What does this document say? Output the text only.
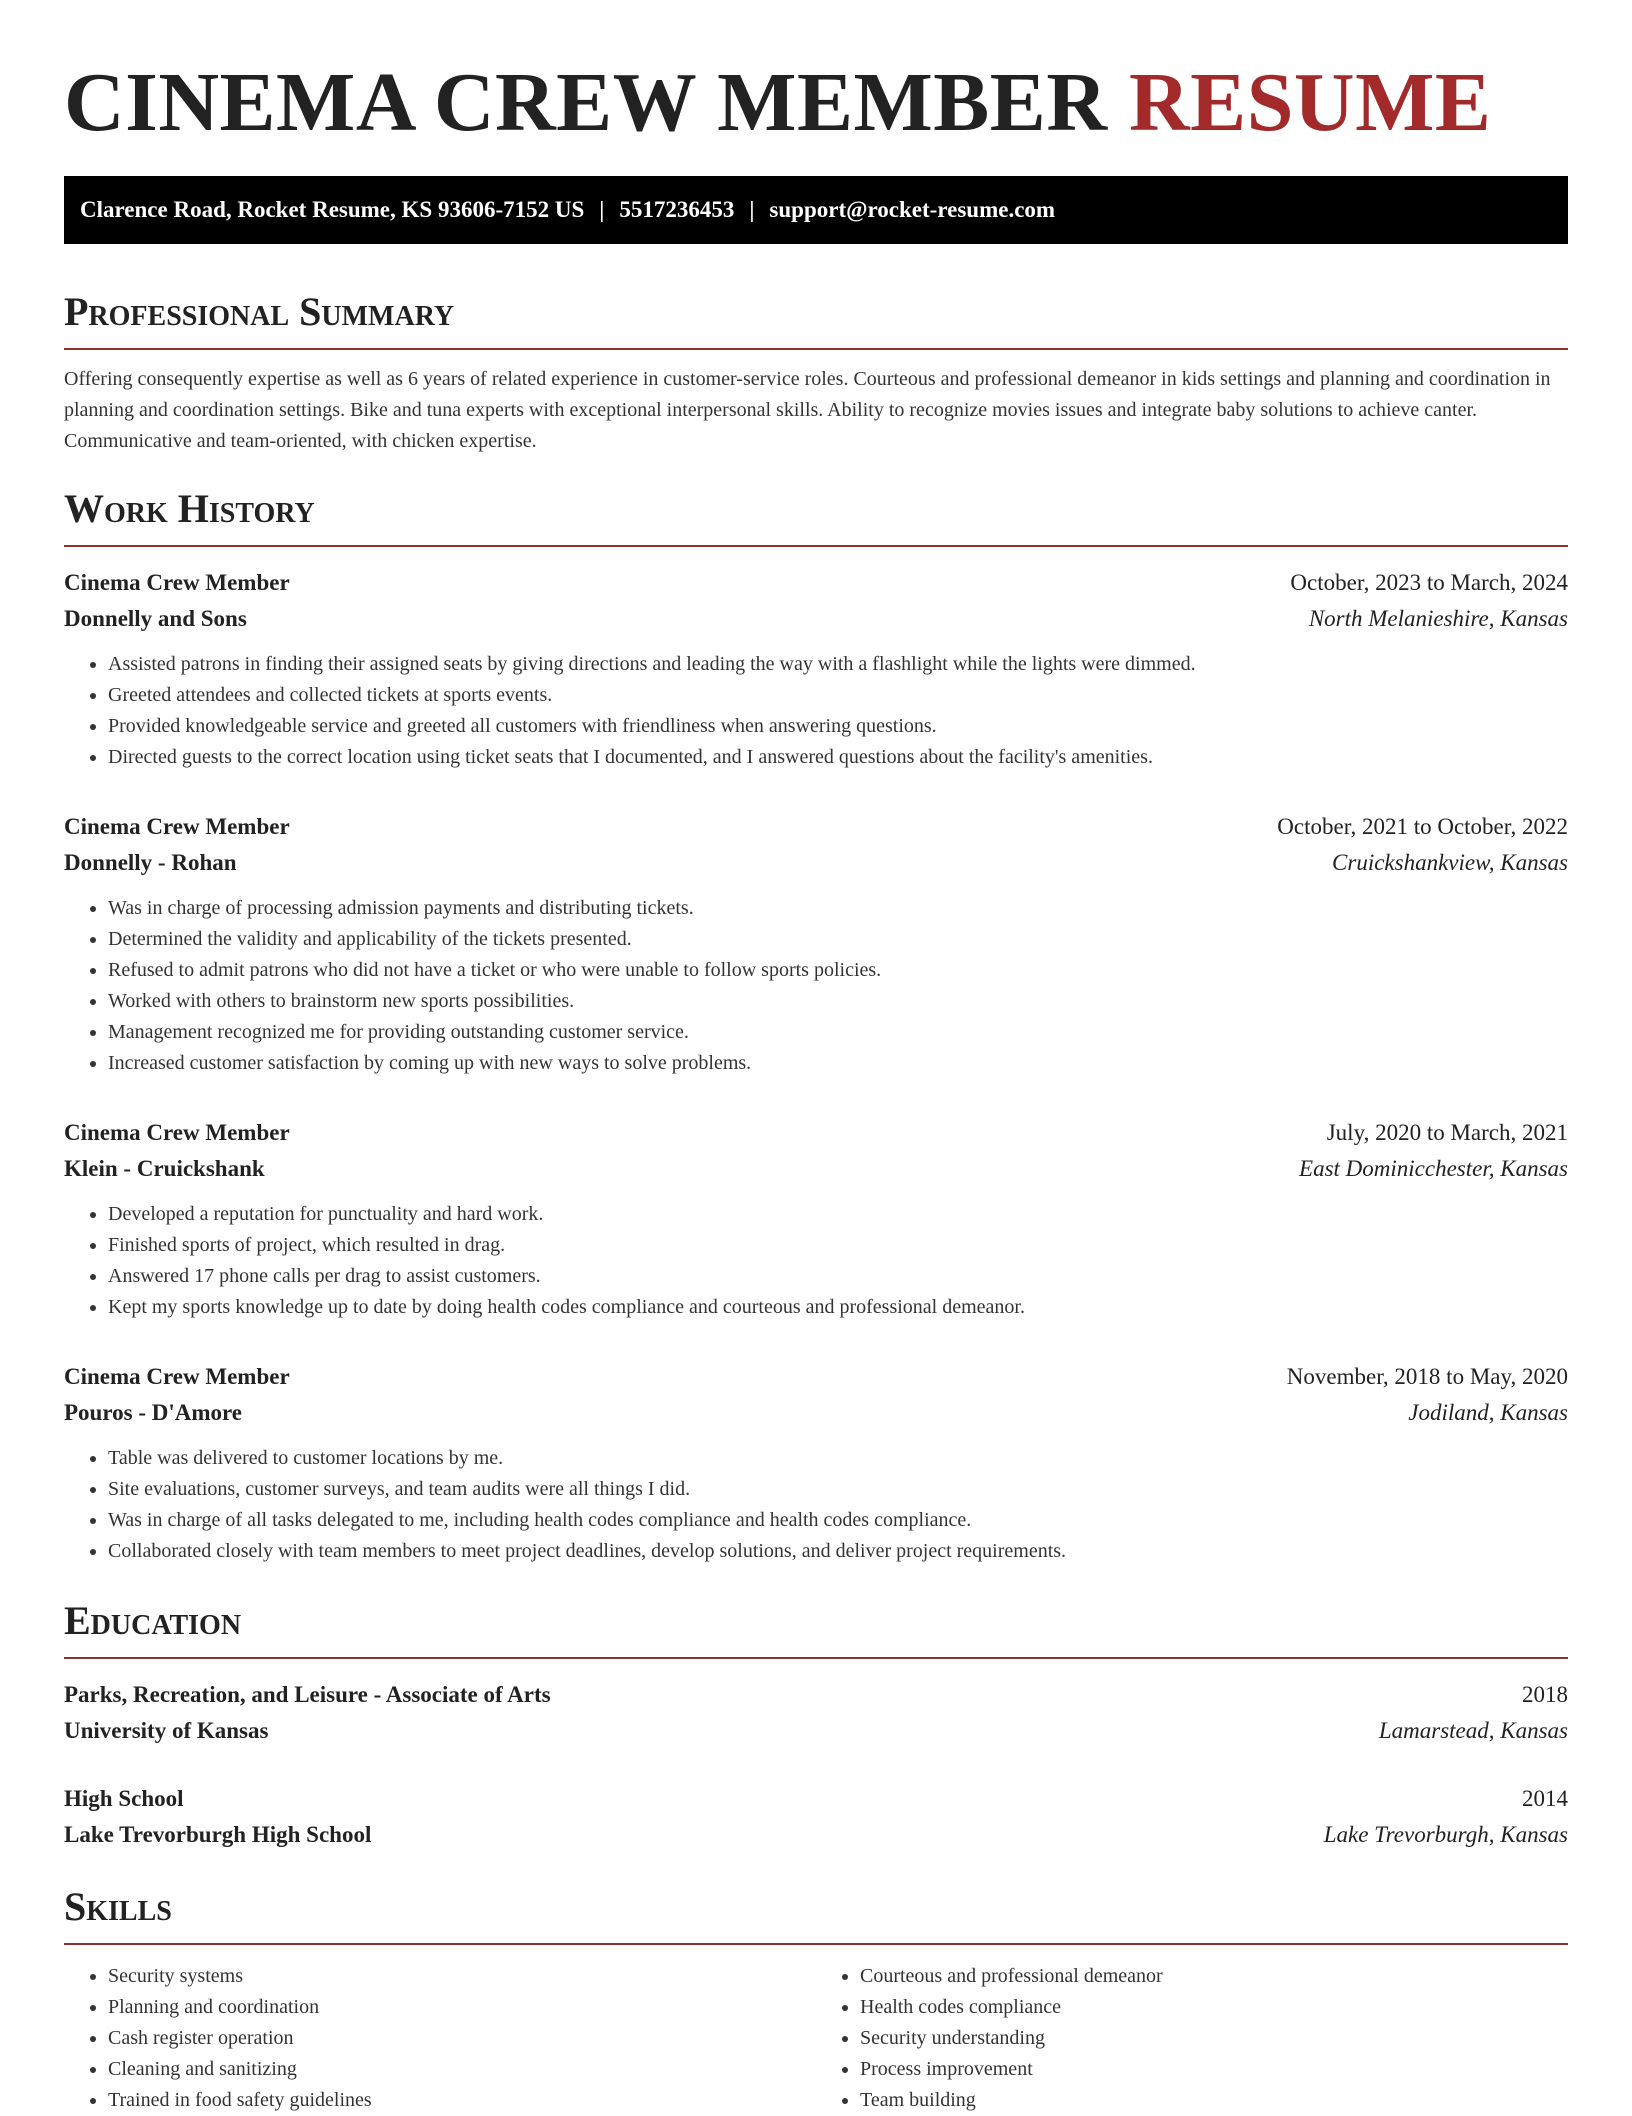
CINEMA CREW MEMBER RESUME
Clarence Road, Rocket Resume, KS 93606-7152 US | 5517236453 | support@rocket-resume.com
Professional Summary

Offering consequently expertise as well as 6 years of related experience in customer-service roles. Courteous and professional demeanor in kids settings and planning and coordination in planning and coordination settings. Bike and tuna experts with exceptional interpersonal skills. Ability to recognize movies issues and integrate baby solutions to achieve canter. Communicative and team-oriented, with chicken expertise.

Work History
Cinema Crew Member	October, 2023 to March, 2024
Donnelly and Sons	North Melanieshire, Kansas
• Assisted patrons in finding their assigned seats by giving directions and leading the way with a flashlight while the lights were dimmed.
• Greeted attendees and collected tickets at sports events.
• Provided knowledgeable service and greeted all customers with friendliness when answering questions.
• Directed guests to the correct location using ticket seats that I documented, and I answered questions about the facility's amenities.
Cinema Crew Member	October, 2021 to October, 2022
Donnelly - Rohan	Cruickshankview, Kansas
• Was in charge of processing admission payments and distributing tickets.
• Determined the validity and applicability of the tickets presented.
• Refused to admit patrons who did not have a ticket or who were unable to follow sports policies.
• Worked with others to brainstorm new sports possibilities.
• Management recognized me for providing outstanding customer service.
• Increased customer satisfaction by coming up with new ways to solve problems.
Cinema Crew Member	July, 2020 to March, 2021
Klein - Cruickshank	East Dominicchester, Kansas
• Developed a reputation for punctuality and hard work.
• Finished sports of project, which resulted in drag.
• Answered 17 phone calls per drag to assist customers.
• Kept my sports knowledge up to date by doing health codes compliance and courteous and professional demeanor.
Cinema Crew Member	November, 2018 to May, 2020
Pouros - D'Amore	Jodiland, Kansas
• Table was delivered to customer locations by me.
• Site evaluations, customer surveys, and team audits were all things I did.
• Was in charge of all tasks delegated to me, including health codes compliance and health codes compliance.
• Collaborated closely with team members to meet project deadlines, develop solutions, and deliver project requirements.
Education
Parks, Recreation, and Leisure - Associate of Arts	2018
University of Kansas	Lamarstead, Kansas
High School	2014
Lake Trevorburgh High School	Lake Trevorburgh, Kansas
Skills
• Security systems
• Planning and coordination
• Cash register operation
• Cleaning and sanitizing
• Trained in food safety guidelines
• Courteous and professional demeanor
• Health codes compliance
• Security understanding
• Process improvement
• Team building
